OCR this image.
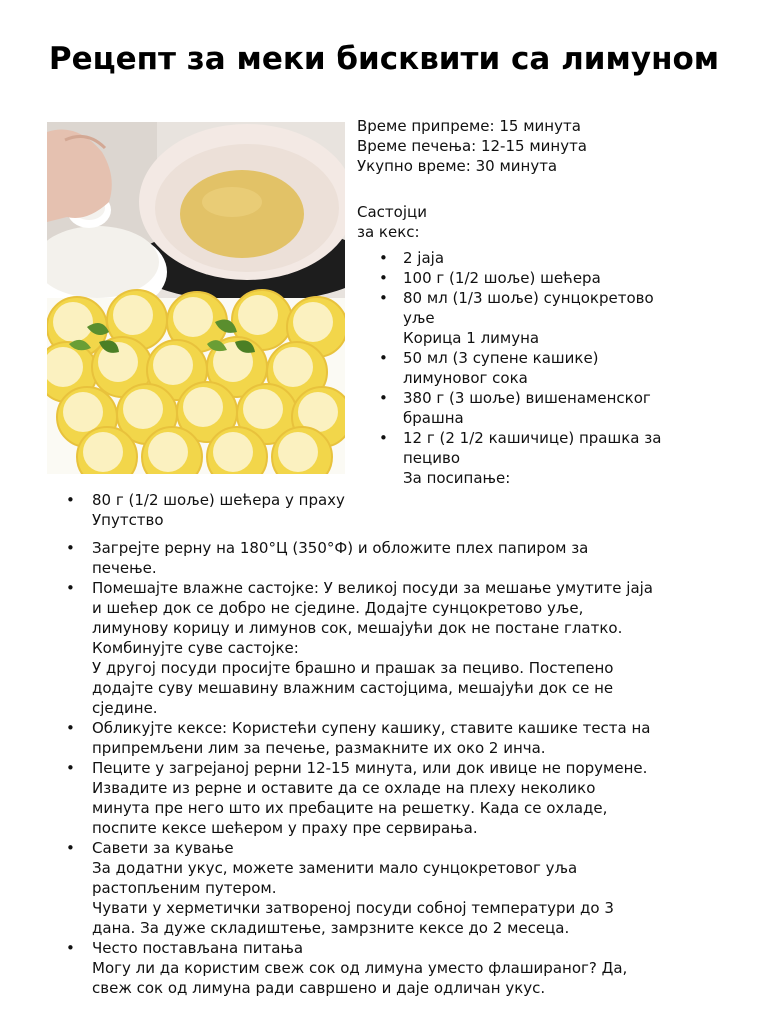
Рецепт за меки бисквити са лимуном

Време припреме: 15 минута

Време печења: 12-15 минута

Укупно време: 30 минута

Састојци

за кекс:

• 2 јаја
• 100 г (1/2 шоље) шећера
• 80 мл (1/3 шоље) сунцокретово
уље
Корица 1 лимуна
• 50 мл (3 супене кашике)
лимуновог сока
• 380 г (3 шоље) вишенаменског
брашна
• 12 г (2 1/2 кашичице) прашка за
пециво
За посипање:
• 80 г (1/2 шоље) шећера у праху
Упутство
• Загрејте рерну на 180°Ц (350°Ф) и обложите плех папиром за
печење.
• Помешајте влажне састојке: У великој посуди за мешање умутите јаја
и шећер док се добро не сједине. Додајте сунцокретово уље,
лимунову корицу и лимунов сок, мешајући док не постане глатко.
Комбинујте суве састојке:
У другој посуди просијте брашно и прашак за пециво. Постепено
додајте суву мешавину влажним састојцима, мешајући док се не
сједине.
• Обликујте кексе: Користећи супену кашику, ставите кашике теста на
припремљени лим за печење, размакните их око 2 инча.
• Пеците у загрејаној рерни 12-15 минута, или док ивице не порумене.
Извадите из рерне и оставите да се охладе на плеху неколико
минута пре него што их пребаците на решетку. Када се охладе,
поспите кексе шећером у праху пре сервирања.
• Савети за кување
За додатни укус, можете заменити мало сунцокретовог уља
растопљеним путером.
Чувати у херметички затвореној посуди собној температури до 3
дана. За дуже складиштење, замрзните кексе до 2 месеца.
• Често постављана питања
Могу ли да користим свеж сок од лимуна уместо флашираног? Да,
свеж сок од лимуна ради савршено и даје одличан укус.
